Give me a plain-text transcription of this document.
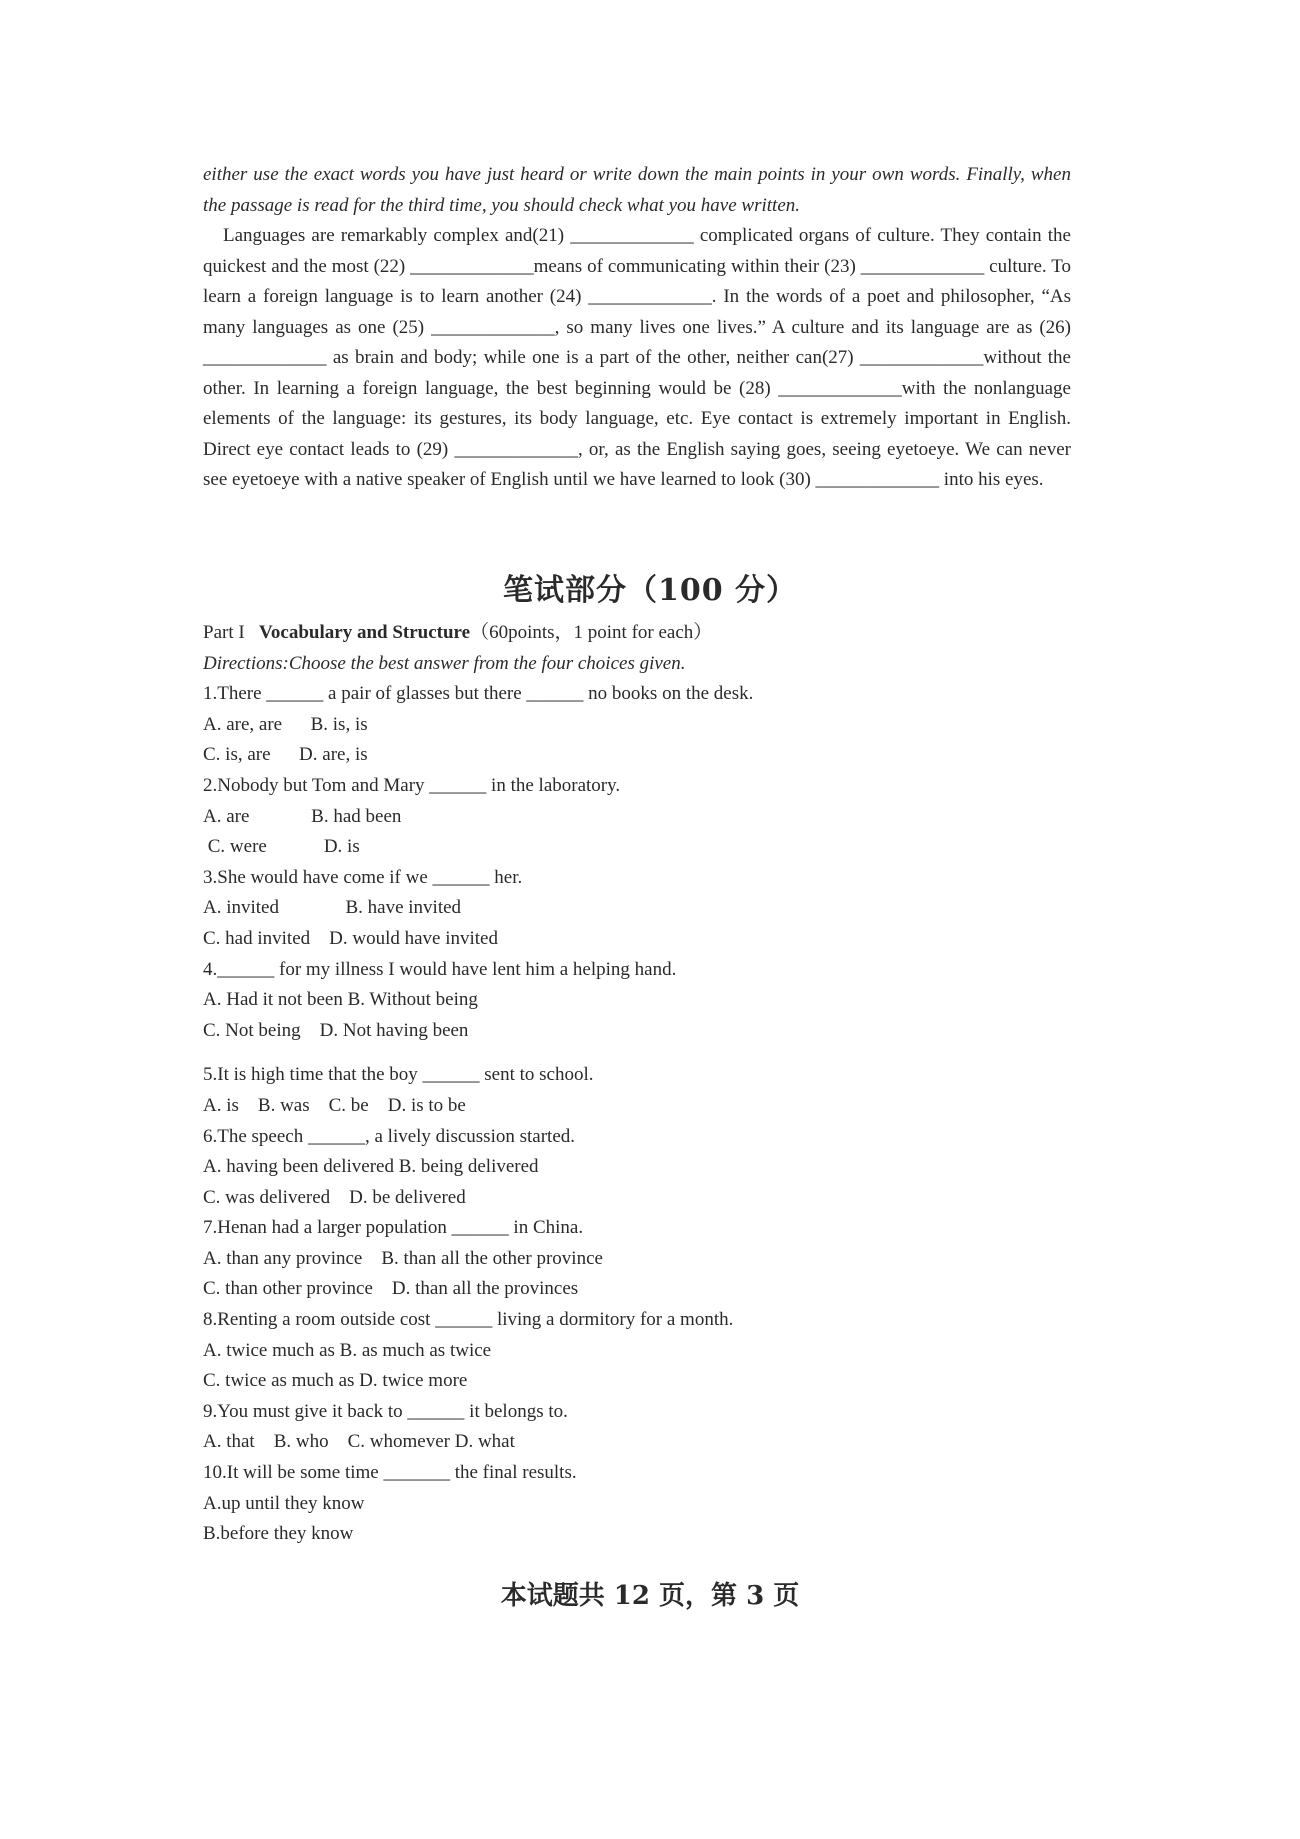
either use the exact words you have just heard or write down the main points in your own words. Finally, when the passage is read for the third time, you should check what you have written.

Languages are remarkably complex and(21) _____________ complicated organs of culture. They contain the quickest and the most (22) _____________means of communicating within their (23) _____________ culture. To learn a foreign language is to learn another (24) _____________. In the words of a poet and philosopher, “As many languages as one (25) _____________, so many lives one lives.” A culture and its language are as (26) _____________ as brain and body; while one is a part of the other, neither can(27) _____________without the other. In learning a foreign language, the best beginning would be (28) _____________with the nonlanguage elements of the language: its gestures, its body language, etc. Eye contact is extremely important in English. Direct eye contact leads to (29) _____________, or, as the English saying goes, seeing eyetoeye. We can never see eyetoeye with a native speaker of English until we have learned to look (30) _____________ into his eyes.

笔试部分（100 分）

Part I Vocabulary and Structure（60points，1 point for each）

Directions:Choose the best answer from the four choices given.

1.There ______ a pair of glasses but there ______ no books on the desk.

A. are, are      B. is, is

C. is, are      D. are, is

2.Nobody but Tom and Mary ______ in the laboratory.

A. are             B. had been

C. were            D. is

3.She would have come if we ______ her.

A. invited              B. have invited

C. had invited    D. would have invited

4.______ for my illness I would have lent him a helping hand.

A. Had it not been B. Without being

C. Not being    D. Not having been

5.It is high time that the boy ______ sent to school.

A. is    B. was    C. be    D. is to be

6.The speech ______, a lively discussion started.

A. having been delivered B. being delivered

C. was delivered    D. be delivered

7.Henan had a larger population ______ in China.

A. than any province    B. than all the other province

C. than other province    D. than all the provinces

8.Renting a room outside cost ______ living a dormitory for a month.

A. twice much as B. as much as twice

C. twice as much as D. twice more

9.You must give it back to ______ it belongs to.

A. that    B. who    C. whomever D. what

10.It will be some time _______ the final results.

A.up until they know

B.before they know

本试题共 12 页，第 3 页
